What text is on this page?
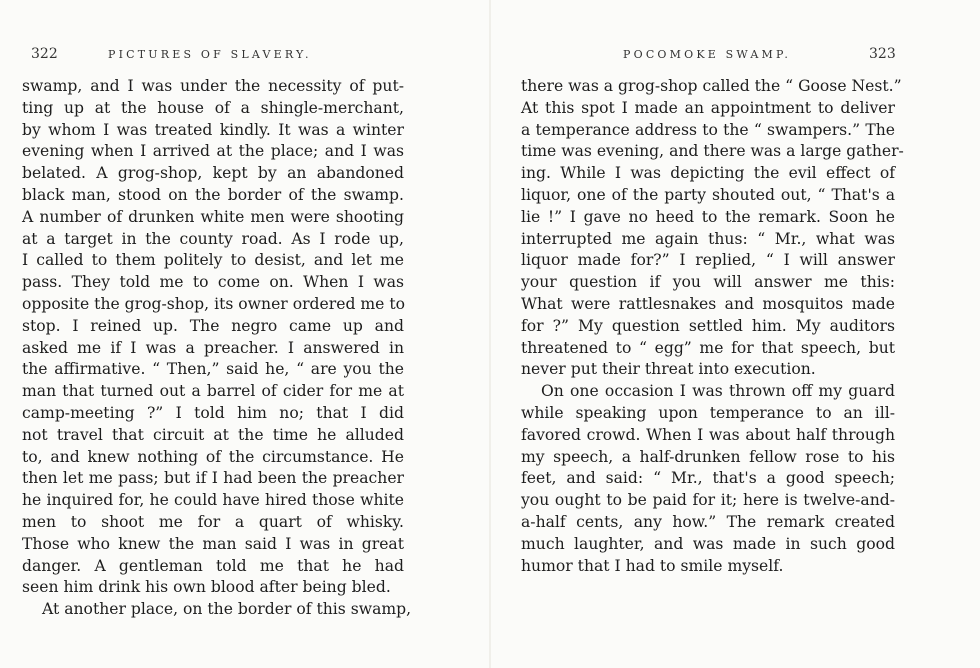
322	PICTURES OF SLAVERY.
swamp, and I was under the necessity of put-
ting up at the house of a shingle-merchant,
by whom I was treated kindly. It was a winter
evening when I arrived at the place; and I was
belated. A grog-shop, kept by an abandoned
black man, stood on the border of the swamp.
A number of drunken white men were shooting
at a target in the county road. As I rode up,
I called to them politely to desist, and let me
pass. They told me to come on. When I was
opposite the grog-shop, its owner ordered me to
stop. I reined up. The negro came up and
asked me if I was a preacher. I answered in
the affirmative. “ Then,” said he, “ are you the
man that turned out a barrel of cider for me at
camp-meeting ?” I told him no; that I did
not travel that circuit at the time he alluded
to, and knew nothing of the circumstance. He
then let me pass; but if I had been the preacher
he inquired for, he could have hired those white
men to shoot me for a quart of whisky.
Those who knew the man said I was in great
danger. A gentleman told me that he had
seen him drink his own blood after being bled.
At another place, on the border of this swamp,
POCOMOKE SWAMP.	323
there was a grog-shop called the “ Goose Nest.”
At this spot I made an appointment to deliver
a temperance address to the “ swampers.” The
time was evening, and there was a large gather-
ing. While I was depicting the evil effect of
liquor, one of the party shouted out, “ That's a
lie !” I gave no heed to the remark. Soon he
interrupted me again thus: “ Mr., what was
liquor made for?” I replied, “ I will answer
your question if you will answer me this:
What were rattlesnakes and mosquitos made
for ?” My question settled him. My auditors
threatened to “ egg” me for that speech, but
never put their threat into execution.
On one occasion I was thrown off my guard
while speaking upon temperance to an ill-
favored crowd. When I was about half through
my speech, a half-drunken fellow rose to his
feet, and said: “ Mr., that's a good speech;
you ought to be paid for it; here is twelve-and-
a-half cents, any how.” The remark created
much laughter, and was made in such good
humor that I had to smile myself.
